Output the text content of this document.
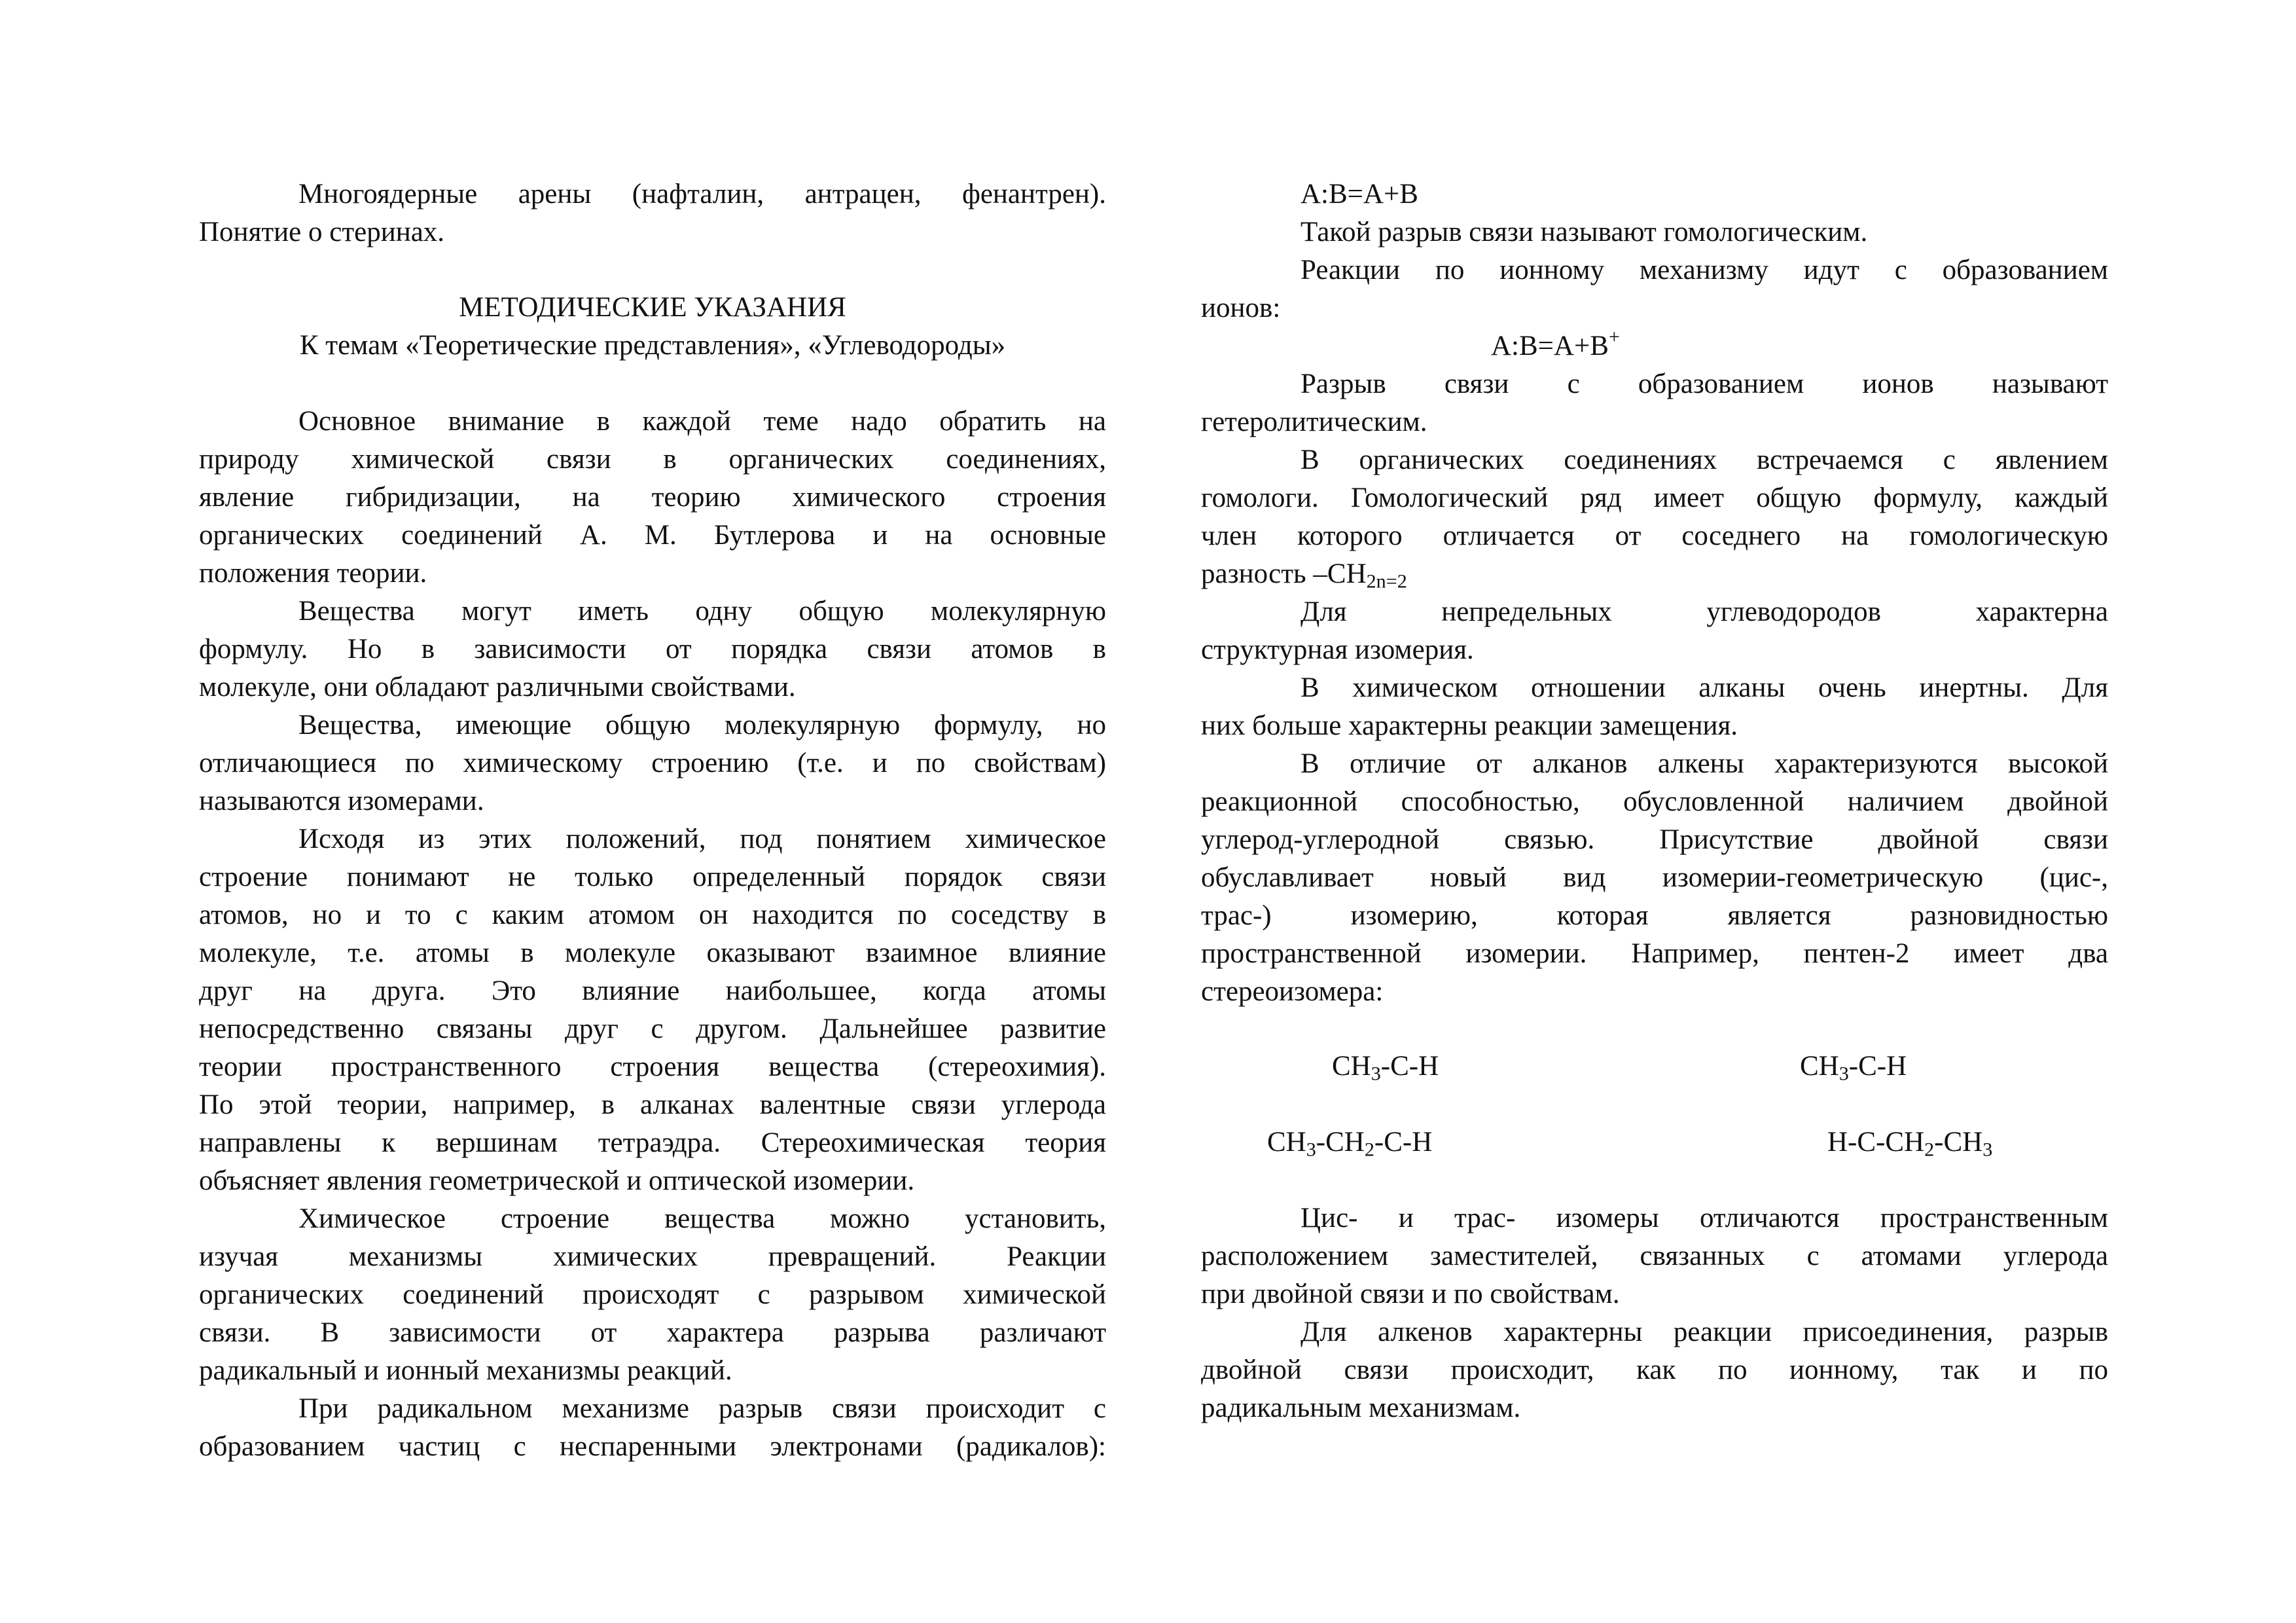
Многоядерные арены (нафталин, антрацен, фенантрен).
Понятие о стеринах.
МЕТОДИЧЕСКИЕ УКАЗАНИЯ
К темам «Теоретические представления», «Углеводороды»
Основное внимание в каждой теме надо обратить на
природу химической связи в органических соединениях,
явление гибридизации, на теорию химического строения
органических соединений А. М. Бутлерова и на основные
положения теории.
Вещества могут иметь одну общую молекулярную
формулу. Но в зависимости от порядка связи атомов в
молекуле, они обладают различными свойствами.
Вещества, имеющие общую молекулярную формулу, но
отличающиеся по химическому строению (т.е. и по свойствам)
называются изомерами.
Исходя из этих положений, под понятием химическое
строение понимают не только определенный порядок связи
атомов, но и то с каким атомом он находится по соседству в
молекуле, т.е. атомы в молекуле оказывают взаимное влияние
друг на друга. Это влияние наибольшее, когда атомы
непосредственно связаны друг с другом. Дальнейшее развитие
теории пространственного строения вещества (стереохимия).
По этой теории, например, в алканах валентные связи углерода
направлены к вершинам тетраэдра. Стереохимическая теория
объясняет явления геометрической и оптической изомерии.
Химическое строение вещества можно установить,
изучая механизмы химических превращений. Реакции
органических соединений происходят с разрывом химической
связи. В зависимости от характера разрыва различают
радикальный и ионный механизмы реакций.
При радикальном механизме разрыв связи происходит с
образованием частиц с неспаренными электронами (радикалов):
A:B=A+B
Такой разрыв связи называют гомологическим.
Реакции по ионному механизму идут с образованием
ионов:
A:B=A+B+
Разрыв связи с образованием ионов называют
гетеролитическим.
В органических соединениях встречаемся с явлением
гомологи. Гомологический ряд имеет общую формулу, каждый
член которого отличается от соседнего на гомологическую
разность $-CH_{2n=2}$
Для непредельных углеводородов характерна
структурная изомерия.
В химическом отношении алканы очень инертны. Для
них больше характерны реакции замещения.
В отличие от алканов алкены характеризуются высокой
реакционной способностью, обусловленной наличием двойной
углерод-углеродной связью. Присутствие двойной связи
обуславливает новый вид изомерии-геометрическую (цис-,
трас-) изомерию, которая является разновидностью
пространственной изомерии. Например, пентен-2 имеет два
стереоизомера:
$CH_3-C-H$	$CH_3-C-H$
$CH_3-CH_2-C-H$	$H-C-CH_2-CH_3$
Цис- и трас- изомеры отличаются пространственным
расположением заместителей, связанных с атомами углерода
при двойной связи и по свойствам.
Для алкенов характерны реакции присоединения, разрыв
двойной связи происходит, как по ионному, так и по
радикальным механизмам.
